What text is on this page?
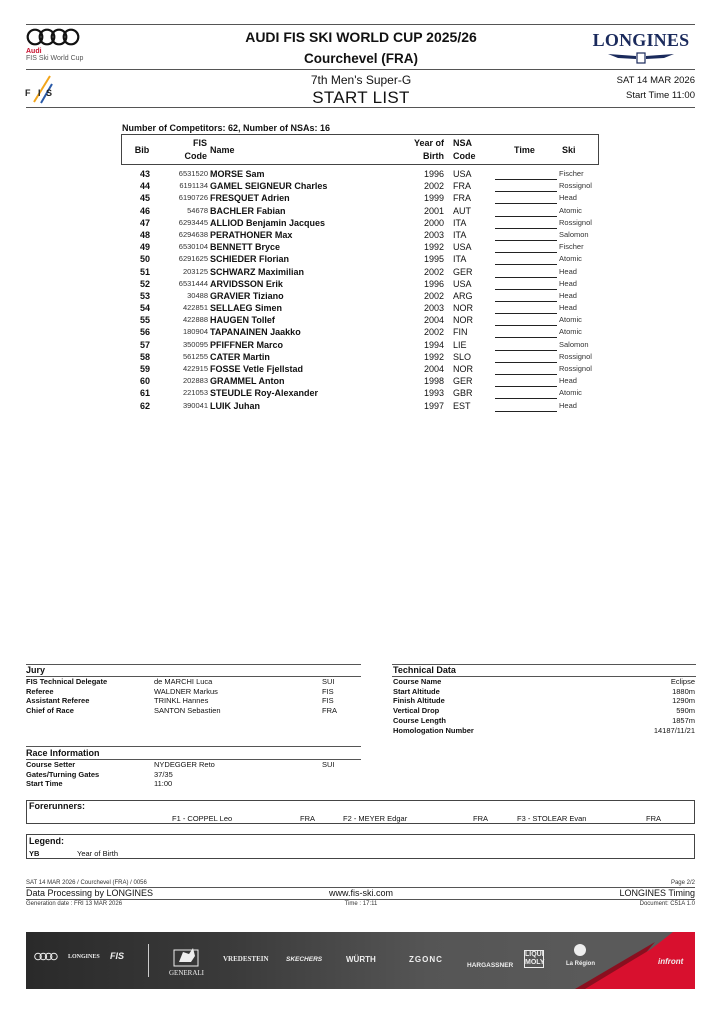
Audi
FIS Ski World Cup
F I S
AUDI FIS SKI WORLD CUP 2025/26
Courchevel (FRA)
7th Men's Super-G
START LIST
LONGINES
SAT 14 MAR 2026
Start Time 11:00
Number of Competitors: 62, Number of NSAs: 16
Bib
FIS
Code
Name
Year of
Birth
NSA
Code
Time	Ski
43	6531520 MORSE Sam	1996 USA	Fischer
44	6191134 GAMEL SEIGNEUR Charles	2002 FRA	Rossignol
45	6190726 FRESQUET Adrien	1999 FRA	Head
46	54678 BACHLER Fabian	2001 AUT	Atomic
47	6293445 ALLIOD Benjamin Jacques	2000 ITA	Rossignol
48	6294638 PERATHONER Max	2003 ITA	Salomon
49	6530104 BENNETT Bryce	1992 USA	Fischer
50	6291625 SCHIEDER Florian	1995 ITA	Atomic
51	203125 SCHWARZ Maximilian	2002 GER	Head
52	6531444 ARVIDSSON Erik	1996 USA	Head
53	30488 GRAVIER Tiziano	2002 ARG	Head
54	422851 SELLAEG Simen	2003 NOR	Head
55	422888 HAUGEN Tollef	2004 NOR	Atomic
56	180904 TAPANAINEN Jaakko	2002 FIN	Atomic
57	350095 PFIFFNER Marco	1994 LIE	Salomon
58	561255 CATER Martin	1992 SLO	Rossignol
59	422915 FOSSE Vetle Fjellstad	2004 NOR	Rossignol
60	202883 GRAMMEL Anton	1998 GER	Head
61	221053 STEUDLE Roy-Alexander	1993 GBR	Atomic
62	390041 LUIK Juhan	1997 EST	Head
Jury
FIS Technical Delegate	de MARCHI Luca	SUI
Referee	WALDNER Markus	FIS
Assistant Referee	TRINKL Hannes	FIS
Chief of Race	SANTON Sebastien	FRA
Race Information
Course Setter	NYDEGGER Reto	SUI
Gates/Turning Gates	37/35
Start Time	11:00
Technical Data
Course Name	Eclipse
Start Altitude	1880m
Finish Altitude	1290m
Vertical Drop	590m
Course Length	1857m
Homologation Number	14187/11/21
Forerunners:
F1 - COPPEL Leo	FRA	F2 - MEYER Edgar	FRA	F3 - STOLEAR Evan	FRA
Legend:
YB	Year of Birth
SAT 14 MAR 2026 / Courchevel (FRA) / 0056	Page 2/2
Data Processing by LONGINES	www.fis-ski.com	LONGINES Timing
Generation date : FRI 13 MAR 2026	Time : 17:11	Document: C51A 1.0
LONGINES FIS
GENERALI
VREDESTEIN	SKECHERS	WÜRTH	ZGONC
HARGASSNER
LIQUI MOLY	La Région	infront
